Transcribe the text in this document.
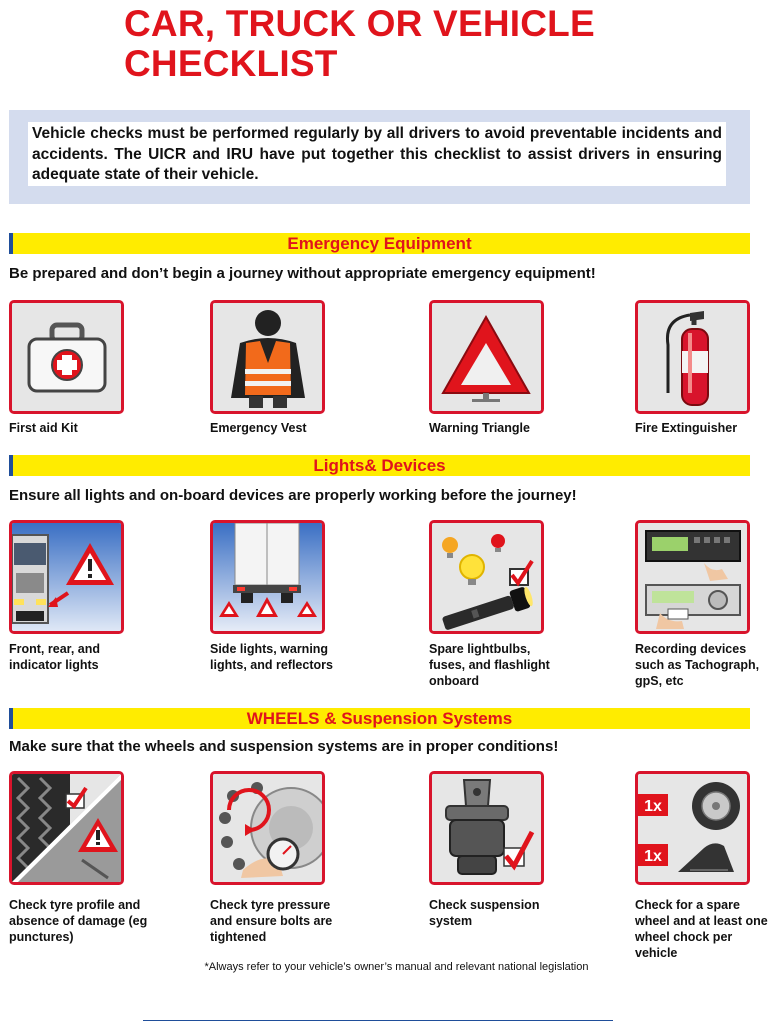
CAR, TRUCK OR VEHICLE
CHECKLIST
Vehicle checks must be performed regularly by all drivers to avoid preventable incidents and accidents. The UICR and IRU have put together this checklist to assist drivers in ensuring adequate state of their vehicle.
Emergency Equipment
Be prepared and don’t begin a journey without appropriate emergency equipment!
First aid Kit	Emergency Vest	Warning Triangle	Fire Extinguisher
Lights& Devices
Ensure all lights and on-board devices are properly working before the journey!
Front, rear, and indicator lights
Side lights, warning lights, and reflectors
Spare lightbulbs, fuses, and flashlight onboard
Recording devices such as Tachograph, gpS, etc
WHEELS & Suspension Systems
Make sure that the wheels and suspension systems are in proper conditions!
Check tyre profile and absence of damage (eg punctures)
Check tyre pressure and ensure bolts are tightened
Check suspension system
1x
1x
Check for a spare wheel and at least one wheel chock per vehicle
*Always refer to your vehicle’s owner’s manual and relevant national legislation
